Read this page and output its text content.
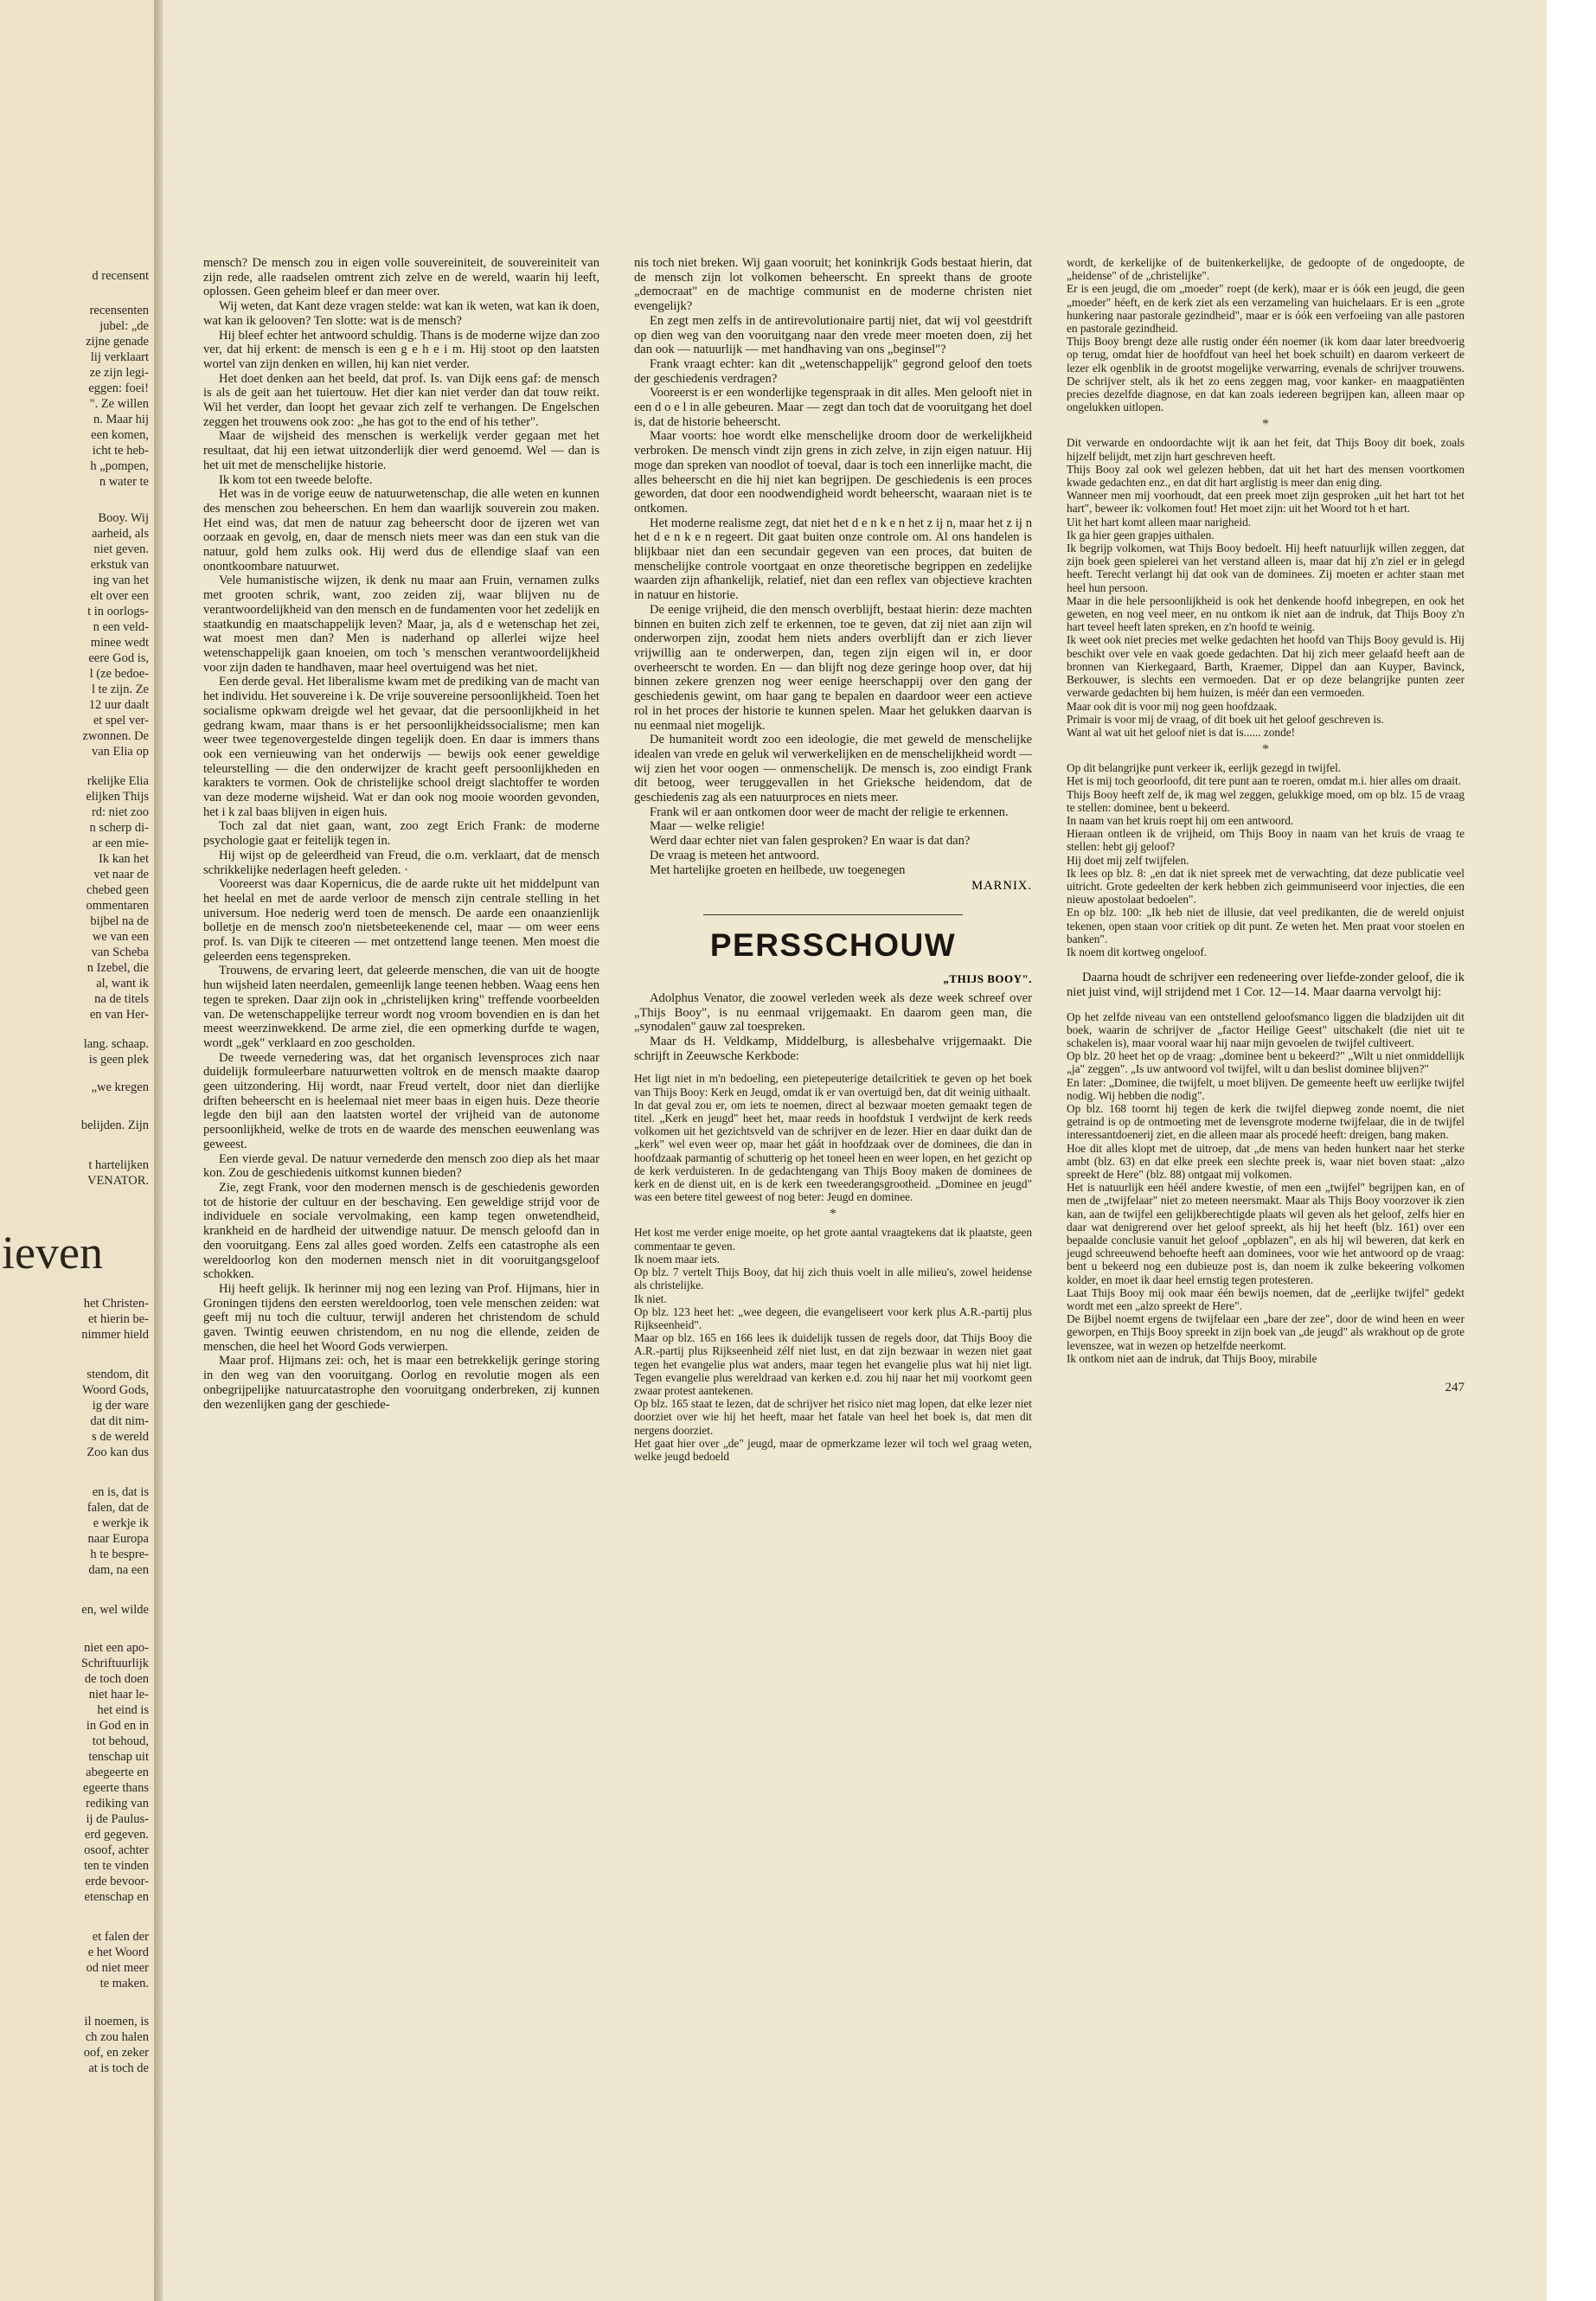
d recensent
recensenten
jubel: „de
zijne genade
lij verklaart
ze zijn legi-
eggen: foei!
". Ze willen
n. Maar hij
een komen,
icht te heb-
h „pompen,
n water te
Booy. Wij
aarheid, als
niet geven.
erkstuk van
ing van het
elt over een
t in oorlogs-
n een veld-
minee wedt
eere God is,
l (ze bedoe-
l te zijn. Ze
12 uur daalt
et spel ver-
zwonnen. De
van Elia op
rkelijke Elia
elijken Thijs
rd: niet zoo
n scherp di-
ar een mie-
Ik kan het
vet naar de
chebed geen
ommentaren
bijbel na de
we van een
van Scheba
n Izebel, die
al, want ik
na de titels
en van Her-
lang. schaap.
is geen plek
„we kregen
belijden. Zijn
t hartelijken
VENATOR.
het Christen-
et hierin be-
nimmer hield
stendom, dit
Woord Gods,
ig der ware
dat dit nim-
s de wereld
Zoo kan dus
en is, dat is
falen, dat de
e werkje ik
naar Europa
h te bespre-
dam, na een
en, wel wilde
niet een apo-
Schriftuurlijk
de toch doen
niet haar le-
het eind is
in God en in
tot behoud,
tenschap uit
abegeerte en
egeerte thans
rediking van
ij de Paulus-
erd gegeven.
osoof, achter
ten te vinden
erde bevoor-
etenschap en
et falen der
e het Woord
od niet meer
te maken.
il noemen, is
ch zou halen
oof, en zeker
at is toch de
ieven

mensch? De mensch zou in eigen volle souvereiniteit, de souvereiniteit van zijn rede, alle raadselen omtrent zich zelve en de wereld, waarin hij leeft, oplossen. Geen geheim bleef er dan meer over.

Wij weten, dat Kant deze vragen stelde: wat kan ik weten, wat kan ik doen, wat kan ik gelooven? Ten slotte: wat is de mensch?

Hij bleef echter het antwoord schuldig. Thans is de moderne wijze dan zoo ver, dat hij erkent: de mensch is een g e h e i m. Hij stoot op den laatsten wortel van zijn denken en willen, hij kan niet verder.

Het doet denken aan het beeld, dat prof. Is. van Dijk eens gaf: de mensch is als de geit aan het tuiertouw. Het dier kan niet verder dan dat touw reikt. Wil het verder, dan loopt het gevaar zich zelf te verhangen. De Engelschen zeggen het trouwens ook zoo: „he has got to the end of his tether".

Maar de wijsheid des menschen is werkelijk verder gegaan met het resultaat, dat hij een ietwat uitzonderlijk dier werd genoemd. Wel — dan is het uit met de menschelijke historie.

Ik kom tot een tweede belofte.

Het was in de vorige eeuw de natuurwetenschap, die alle weten en kunnen des menschen zou beheerschen. En hem dan waarlijk souverein zou maken. Het eind was, dat men de natuur zag beheerscht door de ijzeren wet van oorzaak en gevolg, en, daar de mensch niets meer was dan een stuk van die natuur, gold hem zulks ook. Hij werd dus de ellendige slaaf van een onontkoombare natuurwet.

Vele humanistische wijzen, ik denk nu maar aan Fruin, vernamen zulks met grooten schrik, want, zoo zeiden zij, waar blijven nu de verantwoordelijkheid van den mensch en de fundamenten voor het zedelijk en staatkundig en maatschappelijk leven? Maar, ja, als d e wetenschap het zei, wat moest men dan? Men is naderhand op allerlei wijze heel wetenschappelijk gaan knoeien, om toch 's menschen verantwoordelijkheid voor zijn daden te handhaven, maar heel overtuigend was het niet.

Een derde geval. Het liberalisme kwam met de prediking van de macht van het individu. Het souvereine i k. De vrije souvereine persoonlijkheid. Toen het socialisme opkwam dreigde wel het gevaar, dat die persoonlijkheid in het gedrang kwam, maar thans is er het persoonlijkheidssocialisme; men kan weer twee tegenovergestelde dingen tegelijk doen. En daar is immers thans ook een vernieuwing van het onderwijs — bewijs ook eener geweldige teleurstelling — die den onderwijzer de kracht geeft persoonlijkheden en karakters te vormen. Ook de christelijke school dreigt slachtoffer te worden van deze moderne wijsheid. Wat er dan ook nog mooie woorden gevonden, het i k zal baas blijven in eigen huis.

Toch zal dat niet gaan, want, zoo zegt Erich Frank: de moderne psychologie gaat er feitelijk tegen in.

Hij wijst op de geleerdheid van Freud, die o.m. verklaart, dat de mensch schrikkelijke nederlagen heeft geleden. ·

Vooreerst was daar Kopernicus, die de aarde rukte uit het middelpunt van het heelal en met de aarde verloor de mensch zijn centrale stelling in het universum. Hoe nederig werd toen de mensch. De aarde een onaanzienlijk bolletje en de mensch zoo'n nietsbeteekenende cel, maar — om weer eens prof. Is. van Dijk te citeeren — met ontzettend lange teenen. Men moest die geleerden eens tegenspreken.

Trouwens, de ervaring leert, dat geleerde menschen, die van uit de hoogte hun wijsheid laten neerdalen, gemeenlijk lange teenen hebben. Waag eens hen tegen te spreken. Daar zijn ook in „christelijken kring" treffende voorbeelden van. De wetenschappelijke terreur wordt nog vroom bovendien en is dan het meest weerzinwekkend. De arme ziel, die een opmerking durfde te wagen, wordt „gek" verklaard en zoo gescholden.

De tweede vernedering was, dat het organisch levensproces zich naar duidelijk formuleerbare natuurwetten voltrok en de mensch maakte daarop geen uitzondering. Hij wordt, naar Freud vertelt, door niet dan dierlijke driften beheerscht en is heelemaal niet meer baas in eigen huis. Deze theorie legde den bijl aan den laatsten wortel der vrijheid van de autonome persoonlijkheid, welke de trots en de waarde des menschen eeuwenlang was geweest.

Een vierde geval. De natuur vernederde den mensch zoo diep als het maar kon. Zou de geschiedenis uitkomst kunnen bieden?

Zie, zegt Frank, voor den modernen mensch is de geschiedenis geworden tot de historie der cultuur en der beschaving. Een geweldige strijd voor de individuele en sociale vervolmaking, een kamp tegen onwetendheid, krankheid en de hardheid der uitwendige natuur. De mensch geloofd dan in den vooruitgang. Eens zal alles goed worden. Zelfs een catastrophe als een wereldoorlog kon den modernen mensch niet in dit vooruitgangsgeloof schokken.

Hij heeft gelijk. Ik herinner mij nog een lezing van Prof. Hijmans, hier in Groningen tijdens den eersten wereldoorlog, toen vele menschen zeiden: wat geeft mij nu toch die cultuur, terwijl anderen het christendom de schuld gaven. Twintig eeuwen christendom, en nu nog die ellende, zeiden de menschen, die heel het Woord Gods verwierpen.

Maar prof. Hijmans zei: och, het is maar een betrekkelijk geringe storing in den weg van den vooruitgang. Oorlog en revolutie mogen als een onbegrijpelijke natuurcatastrophe den vooruitgang onderbreken, zij kunnen den wezenlijken gang der geschiede-

nis toch niet breken. Wij gaan vooruit; het koninkrijk Gods bestaat hierin, dat de mensch zijn lot volkomen beheerscht. En spreekt thans de groote „democraat" en de machtige communist en de moderne christen niet evengelijk?

En zegt men zelfs in de antirevolutionaire partij niet, dat wij vol geestdrift op dien weg van den vooruitgang naar den vrede meer moeten doen, zij het dan ook — natuurlijk — met handhaving van ons „beginsel"?

Frank vraagt echter: kan dit „wetenschappelijk" gegrond geloof den toets der geschiedenis verdragen?

Vooreerst is er een wonderlijke tegenspraak in dit alles. Men gelooft niet in een d o e l in alle gebeuren. Maar — zegt dan toch dat de vooruitgang het doel is, dat de historie beheerscht.

Maar voorts: hoe wordt elke menschelijke droom door de werkelijkheid verbroken. De mensch vindt zijn grens in zich zelve, in zijn eigen natuur. Hij moge dan spreken van noodlot of toeval, daar is toch een innerlijke macht, die alles beheerscht en die hij niet kan begrijpen. De geschiedenis is een proces geworden, dat door een noodwendigheid wordt beheerscht, waaraan niet is te ontkomen.

Het moderne realisme zegt, dat niet het d e n k e n het z ij n, maar het z ij n het d e n k e n regeert. Dit gaat buiten onze controle om. Al ons handelen is blijkbaar niet dan een secundair gegeven van een proces, dat buiten de menschelijke controle voortgaat en onze theoretische begrippen en zedelijke waarden zijn afhankelijk, relatief, niet dan een reflex van objectieve krachten in natuur en historie.

De eenige vrijheid, die den mensch overblijft, bestaat hierin: deze machten binnen en buiten zich zelf te erkennen, toe te geven, dat zij niet aan zijn wil onderworpen zijn, zoodat hem niets anders overblijft dan er zich liever vrijwillig aan te onderwerpen, dan, tegen zijn eigen wil in, er door overheerscht te worden. En — dan blijft nog deze geringe hoop over, dat hij binnen zekere grenzen nog weer eenige heerschappij over den gang der geschiedenis gewint, om haar gang te bepalen en daardoor weer een actieve rol in het proces der historie te kunnen spelen. Maar het gelukken daarvan is nu eenmaal niet mogelijk.

De humaniteit wordt zoo een ideologie, die met geweld de menschelijke idealen van vrede en geluk wil verwerkelijken en de menschelijkheid wordt — wij zien het voor oogen — onmenschelijk. De mensch is, zoo eindigt Frank dit betoog, weer teruggevallen in het Grieksche heidendom, dat de geschiedenis zag als een natuurproces en niets meer.

Frank wil er aan ontkomen door weer de macht der religie te erkennen.

Maar — welke religie!

Werd daar echter niet van falen gesproken? En waar is dat dan?

De vraag is meteen het antwoord.

Met hartelijke groeten en heilbede, uw toegenegen

MARNIX.

PERSSCHOUW
„THIJS BOOY".

Adolphus Venator, die zoowel verleden week als deze week schreef over „Thijs Booy", is nu eenmaal vrijgemaakt. En daarom geen man, die „synodalen" gauw zal toespreken.

Maar ds H. Veldkamp, Middelburg, is allesbehalve vrijgemaakt. Die schrijft in Zeeuwsche Kerkbode:

Het ligt niet in m'n bedoeling, een pietepeuterige detailcritiek te geven op het boek van Thijs Booy: Kerk en Jeugd, omdat ik er van overtuigd ben, dat dit weinig uithaalt.

In dat geval zou er, om iets te noemen, direct al bezwaar moeten gemaakt tegen de titel. „Kerk en jeugd" heet het, maar reeds in hoofdstuk I verdwijnt de kerk reeds volkomen uit het gezichtsveld van de schrijver en de lezer. Hier en daar duikt dan de „kerk" wel even weer op, maar het gáát in hoofdzaak over de dominees, die dan in hoofdzaak parmantig of schutterig op het toneel heen en weer lopen, en het gezicht op de kerk verduisteren. In de gedachtengang van Thijs Booy maken de dominees de kerk en de dienst uit, en is de kerk een tweederangsgrootheid. „Dominee en jeugd" was een betere titel geweest of nog beter: Jeugd en dominee.

*

Het kost me verder enige moeite, op het grote aantal vraagtekens dat ik plaatste, geen commentaar te geven.

Ik noem maar iets.

Op blz. 7 vertelt Thijs Booy, dat hij zich thuis voelt in alle milieu's, zowel heidense als christelijke.

Ik niet.

Op blz. 123 heet het: „wee degeen, die evangeliseert voor kerk plus A.R.-partij plus Rijkseenheid".

Maar op blz. 165 en 166 lees ik duidelijk tussen de regels door, dat Thijs Booy die A.R.-partij plus Rijkseenheid zélf niet lust, en dat zijn bezwaar in wezen niet gaat tegen het evangelie plus wat anders, maar tegen het evangelie plus wat hij niet ligt. Tegen evangelie plus wereldraad van kerken e.d. zou hij naar het mij voorkomt geen zwaar protest aantekenen.

Op blz. 165 staat te lezen, dat de schrijver het risico niet mag lopen, dat elke lezer niet doorziet over wie hij het heeft, maar het fatale van heel het boek is, dat men dit nergens doorziet.

Het gaat hier over „de" jeugd, maar de opmerkzame lezer wil toch wel graag weten, welke jeugd bedoeld

wordt, de kerkelijke of de buitenkerkelijke, de gedoopte of de ongedoopte, de „heidense" of de „christelijke".

Er is een jeugd, die om „moeder" roept (de kerk), maar er is óók een jeugd, die geen „moeder" héeft, en de kerk ziet als een verzameling van huichelaars. Er is een „grote hunkering naar pastorale gezindheid", maar er is óók een verfoeiing van alle pastoren en pastorale gezindheid.

Thijs Booy brengt deze alle rustig onder één noemer (ik kom daar later breedvoerig op terug, omdat hier de hoofdfout van heel het boek schuilt) en daarom verkeert de lezer elk ogenblik in de grootst mogelijke verwarring, evenals de schrijver trouwens. De schrijver stelt, als ik het zo eens zeggen mag, voor kanker- en maagpatiënten precies dezelfde diagnose, en dat kan zoals iedereen begrijpen kan, alleen maar op ongelukken uitlopen.

*

Dit verwarde en ondoordachte wijt ik aan het feit, dat Thijs Booy dit boek, zoals hijzelf belijdt, met zijn hart geschreven heeft.

Thijs Booy zal ook wel gelezen hebben, dat uit het hart des mensen voortkomen kwade gedachten enz., en dat dit hart arglistig is meer dan enig ding.

Wanneer men mij voorhoudt, dat een preek moet zijn gesproken „uit het hart tot het hart", beweer ik: volkomen fout! Het moet zijn: uit het Woord tot h et hart.

Uit het hart komt alleen maar narigheid.

Ik ga hier geen grapjes uithalen.

Ik begrijp volkomen, wat Thijs Booy bedoelt. Hij heeft natuurlijk willen zeggen, dat zijn boek geen spielerei van het verstand alleen is, maar dat hij z'n ziel er in gelegd heeft. Terecht verlangt hij dat ook van de dominees. Zij moeten er achter staan met heel hun persoon.

Maar in die hele persoonlijkheid is ook het denkende hoofd inbegrepen, en ook het geweten, en nog veel meer, en nu ontkom ik niet aan de indruk, dat Thijs Booy z'n hart teveel heeft laten spreken, en z'n hoofd te weinig.

Ik weet ook niet precies met welke gedachten het hoofd van Thijs Booy gevuld is. Hij beschikt over vele en vaak goede gedachten. Dat hij zich meer gelaafd heeft aan de bronnen van Kierkegaard, Barth, Kraemer, Dippel dan aan Kuyper, Bavinck, Berkouwer, is slechts een vermoeden. Dat er op deze belangrijke punten zeer verwarde gedachten bij hem huizen, is méér dan een vermoeden.

Maar ook dit is voor mij nog geen hoofdzaak.

Primair is voor mij de vraag, of dit boek uit het geloof geschreven is.

Want al wat uit het geloof niet is dat is...... zonde!

*

Op dit belangrijke punt verkeer ik, eerlijk gezegd in twijfel.

Het is mij toch geoorloofd, dit tere punt aan te roeren, omdat m.i. hier alles om draait.

Thijs Booy heeft zelf de, ik mag wel zeggen, gelukkige moed, om op blz. 15 de vraag te stellen: dominee, bent u bekeerd.

In naam van het kruis roept hij om een antwoord.

Hieraan ontleen ik de vrijheid, om Thijs Booy in naam van het kruis de vraag te stellen: hebt gij geloof?

Hij doet mij zelf twijfelen.

Ik lees op blz. 8: „en dat ik niet spreek met de verwachting, dat deze publicatie veel uitricht. Grote gedeelten der kerk hebben zich geimmuniseerd voor injecties, die een nieuw apostolaat bedoelen".

En op blz. 100: „Ik heb niet de illusie, dat veel predikanten, die de wereld onjuist tekenen, open staan voor critiek op dit punt. Ze weten het. Men praat voor stoelen en banken".

Ik noem dit kortweg ongeloof.

Daarna houdt de schrijver een redeneering over liefde-zonder geloof, die ik niet juist vind, wijl strijdend met 1 Cor. 12—14. Maar daarna vervolgt hij:

Op het zelfde niveau van een ontstellend geloofsmanco liggen die bladzijden uit dit boek, waarin de schrijver de „factor Heilige Geest" uitschakelt (die niet uit te schakelen is), maar vooral waar hij naar mijn gevoelen de twijfel cultiveert.

Op blz. 20 heet het op de vraag: „dominee bent u bekeerd?" „Wilt u niet onmiddellijk „ja" zeggen". „Is uw antwoord vol twijfel, wilt u dan beslist dominee blijven?"

En later: „Dominee, die twijfelt, u moet blijven. De gemeente heeft uw eerlijke twijfel nodig. Wij hebben die nodig".

Op blz. 168 toornt hij tegen de kerk die twijfel diepweg zonde noemt, die niet getraind is op de ontmoeting met de levensgrote moderne twijfelaar, die in de twijfel interessantdoenerij ziet, en die alleen maar als procedé heeft: dreigen, bang maken.

Hoe dit alles klopt met de uitroep, dat „de mens van heden hunkert naar het sterke ambt (blz. 63) en dat elke preek een slechte preek is, waar niet boven staat: „alzo spreekt de Here" (blz. 88) ontgaat mij volkomen.

Het is natuurlijk een héél andere kwestie, of men een „twijfel" begrijpen kan, en of men de „twijfelaar" niet zo meteen neersmakt. Maar als Thijs Booy voorzover ik zien kan, aan de twijfel een gelijkberechtigde plaats wil geven als het geloof, zelfs hier en daar wat denigrerend over het geloof spreekt, als hij het heeft (blz. 161) over een bepaalde conclusie vanuit het geloof „opblazen", en als hij wil beweren, dat kerk en jeugd schreeuwend behoefte heeft aan dominees, voor wie het antwoord op de vraag: bent u bekeerd nog een dubieuze post is, dan noem ik zulke bekeering volkomen kolder, en moet ik daar heel ernstig tegen protesteren.

Laat Thijs Booy mij ook maar één bewijs noemen, dat de „eerlijke twijfel" gedekt wordt met een „alzo spreekt de Here".

De Bijbel noemt ergens de twijfelaar een „bare der zee", door de wind heen en weer geworpen, en Thijs Booy spreekt in zijn boek van „de jeugd" als wrakhout op de grote levenszee, wat in wezen op hetzelfde neerkomt.

Ik ontkom niet aan de indruk, dat Thijs Booy, mirabile

247
